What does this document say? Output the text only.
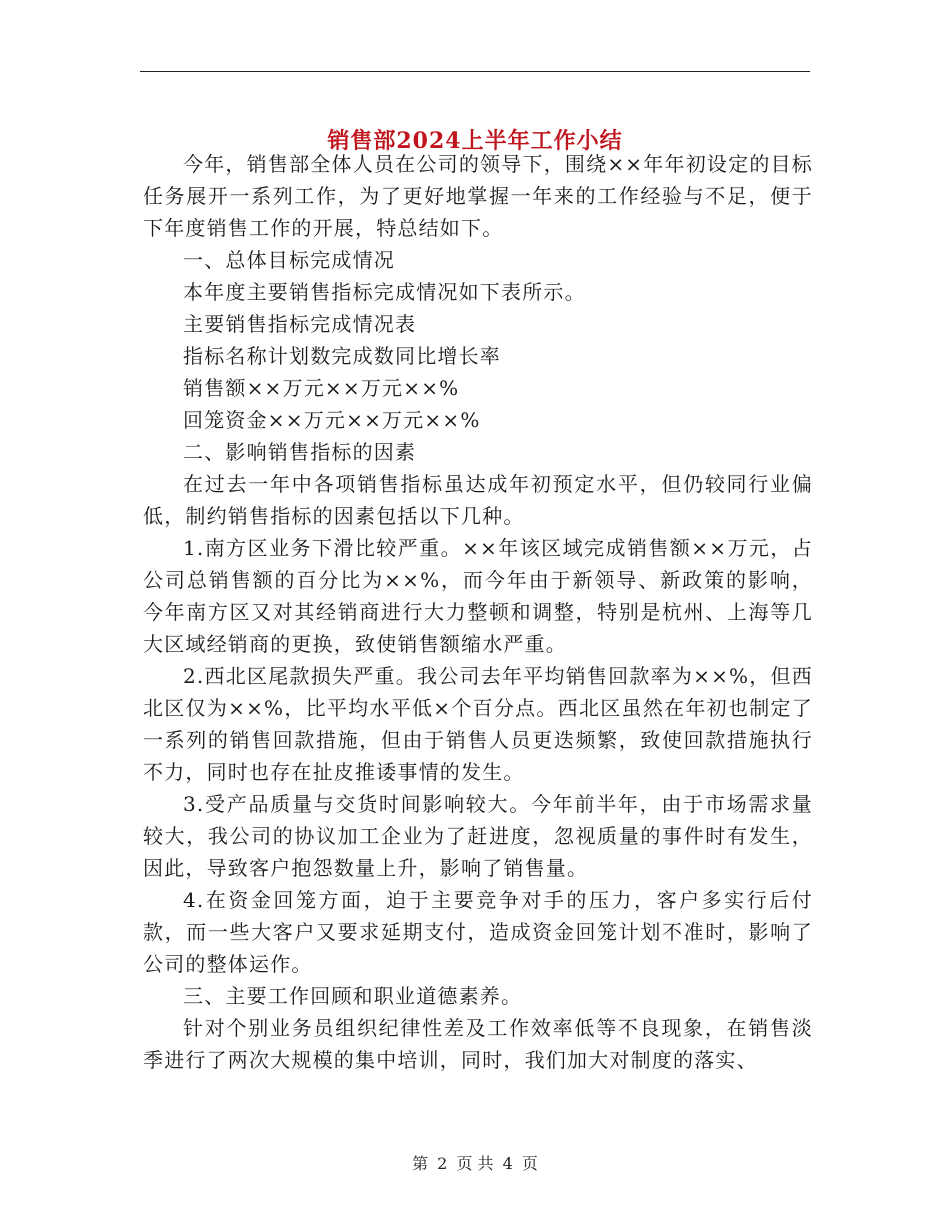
销售部2024上半年工作小结

今年，销售部全体人员在公司的领导下，围绕××年年初设定的目标任务展开一系列工作，为了更好地掌握一年来的工作经验与不足，便于下年度销售工作的开展，特总结如下。

一、总体目标完成情况

本年度主要销售指标完成情况如下表所示。

主要销售指标完成情况表

指标名称计划数完成数同比增长率

销售额××万元××万元××%

回笼资金××万元××万元××%

二、影响销售指标的因素

在过去一年中各项销售指标虽达成年初预定水平，但仍较同行业偏低，制约销售指标的因素包括以下几种。

1.南方区业务下滑比较严重。××年该区域完成销售额××万元，占公司总销售额的百分比为××%，而今年由于新领导、新政策的影响，今年南方区又对其经销商进行大力整顿和调整，特别是杭州、上海等几大区域经销商的更换，致使销售额缩水严重。

2.西北区尾款损失严重。我公司去年平均销售回款率为××%，但西北区仅为××%，比平均水平低×个百分点。西北区虽然在年初也制定了一系列的销售回款措施，但由于销售人员更迭频繁，致使回款措施执行不力，同时也存在扯皮推诿事情的发生。

3.受产品质量与交货时间影响较大。今年前半年，由于市场需求量较大，我公司的协议加工企业为了赶进度，忽视质量的事件时有发生，因此，导致客户抱怨数量上升，影响了销售量。

4.在资金回笼方面，迫于主要竞争对手的压力，客户多实行后付款，而一些大客户又要求延期支付，造成资金回笼计划不准时，影响了公司的整体运作。

三、主要工作回顾和职业道德素养。

针对个别业务员组织纪律性差及工作效率低等不良现象，在销售淡季进行了两次大规模的集中培训，同时，我们加大对制度的落实、

第 2 页 共 4 页
